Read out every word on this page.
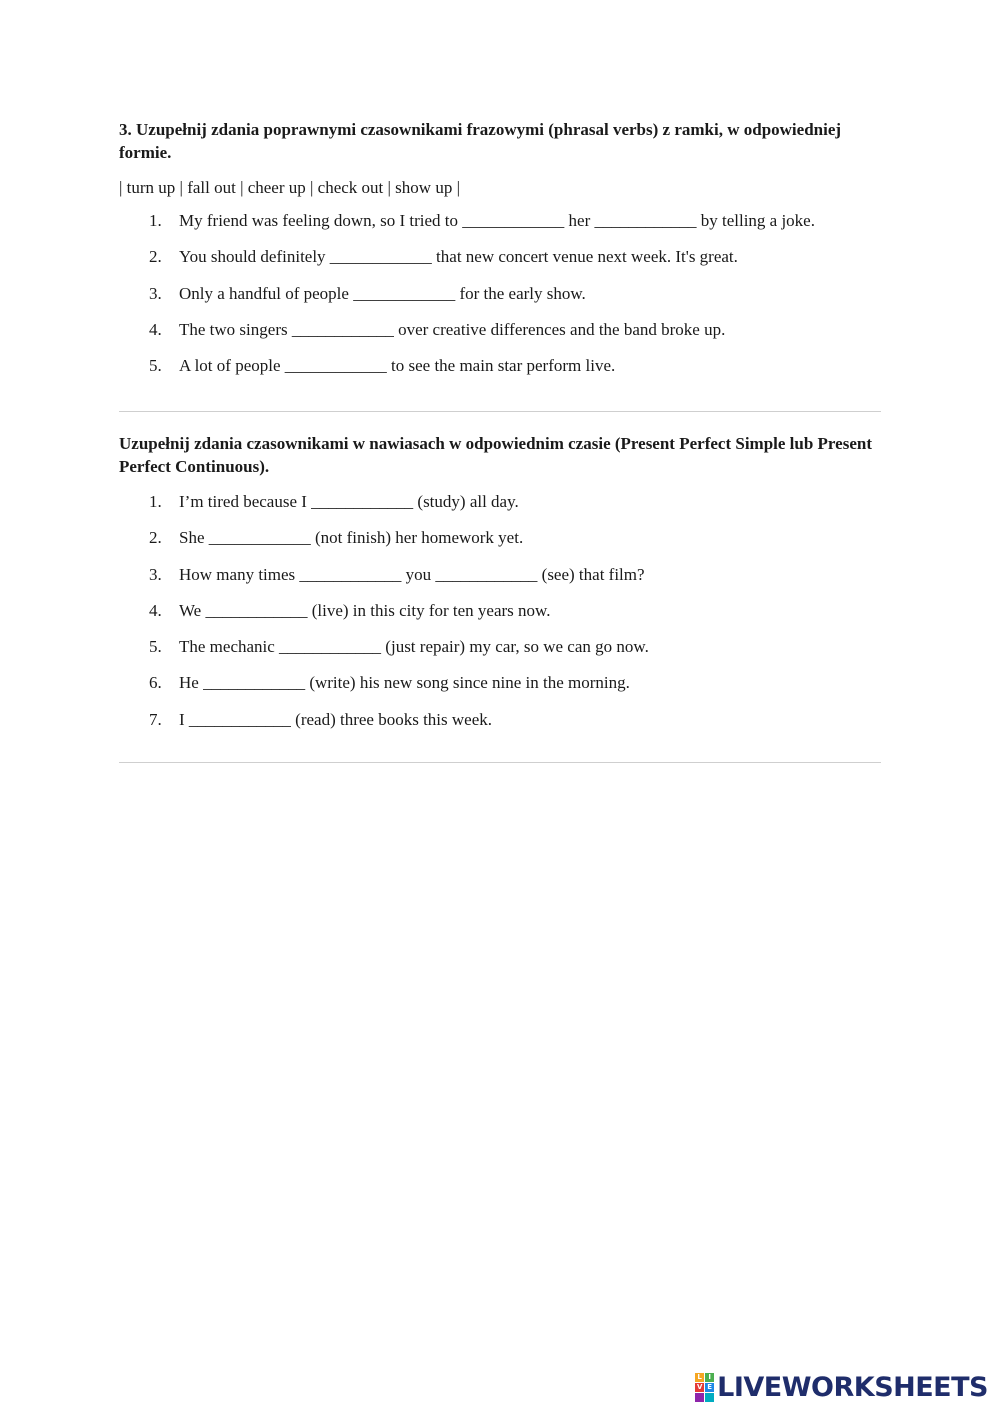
3. Uzupełnij zdania poprawnymi czasownikami frazowymi (phrasal verbs) z ramki, w odpowiedniej formie.

| turn up | fall out | cheer up | check out | show up |

1. My friend was feeling down, so I tried to ____________ her ____________ by telling a joke.
2. You should definitely ____________ that new concert venue next week. It's great.
3. Only a handful of people ____________ for the early show.
4. The two singers ____________ over creative differences and the band broke up.
5. A lot of people ____________ to see the main star perform live.

Uzupełnij zdania czasownikami w nawiasach w odpowiednim czasie (Present Perfect Simple lub Present Perfect Continuous).

1. I’m tired because I ____________ (study) all day.
2. She ____________ (not finish) her homework yet.
3. How many times ____________ you ____________ (see) that film?
4. We ____________ (live) in this city for ten years now.
5. The mechanic ____________ (just repair) my car, so we can go now.
6. He ____________ (write) his new song since nine in the morning.
7. I ____________ (read) three books this week.
L I
V E LIVEWORKSHEETS
